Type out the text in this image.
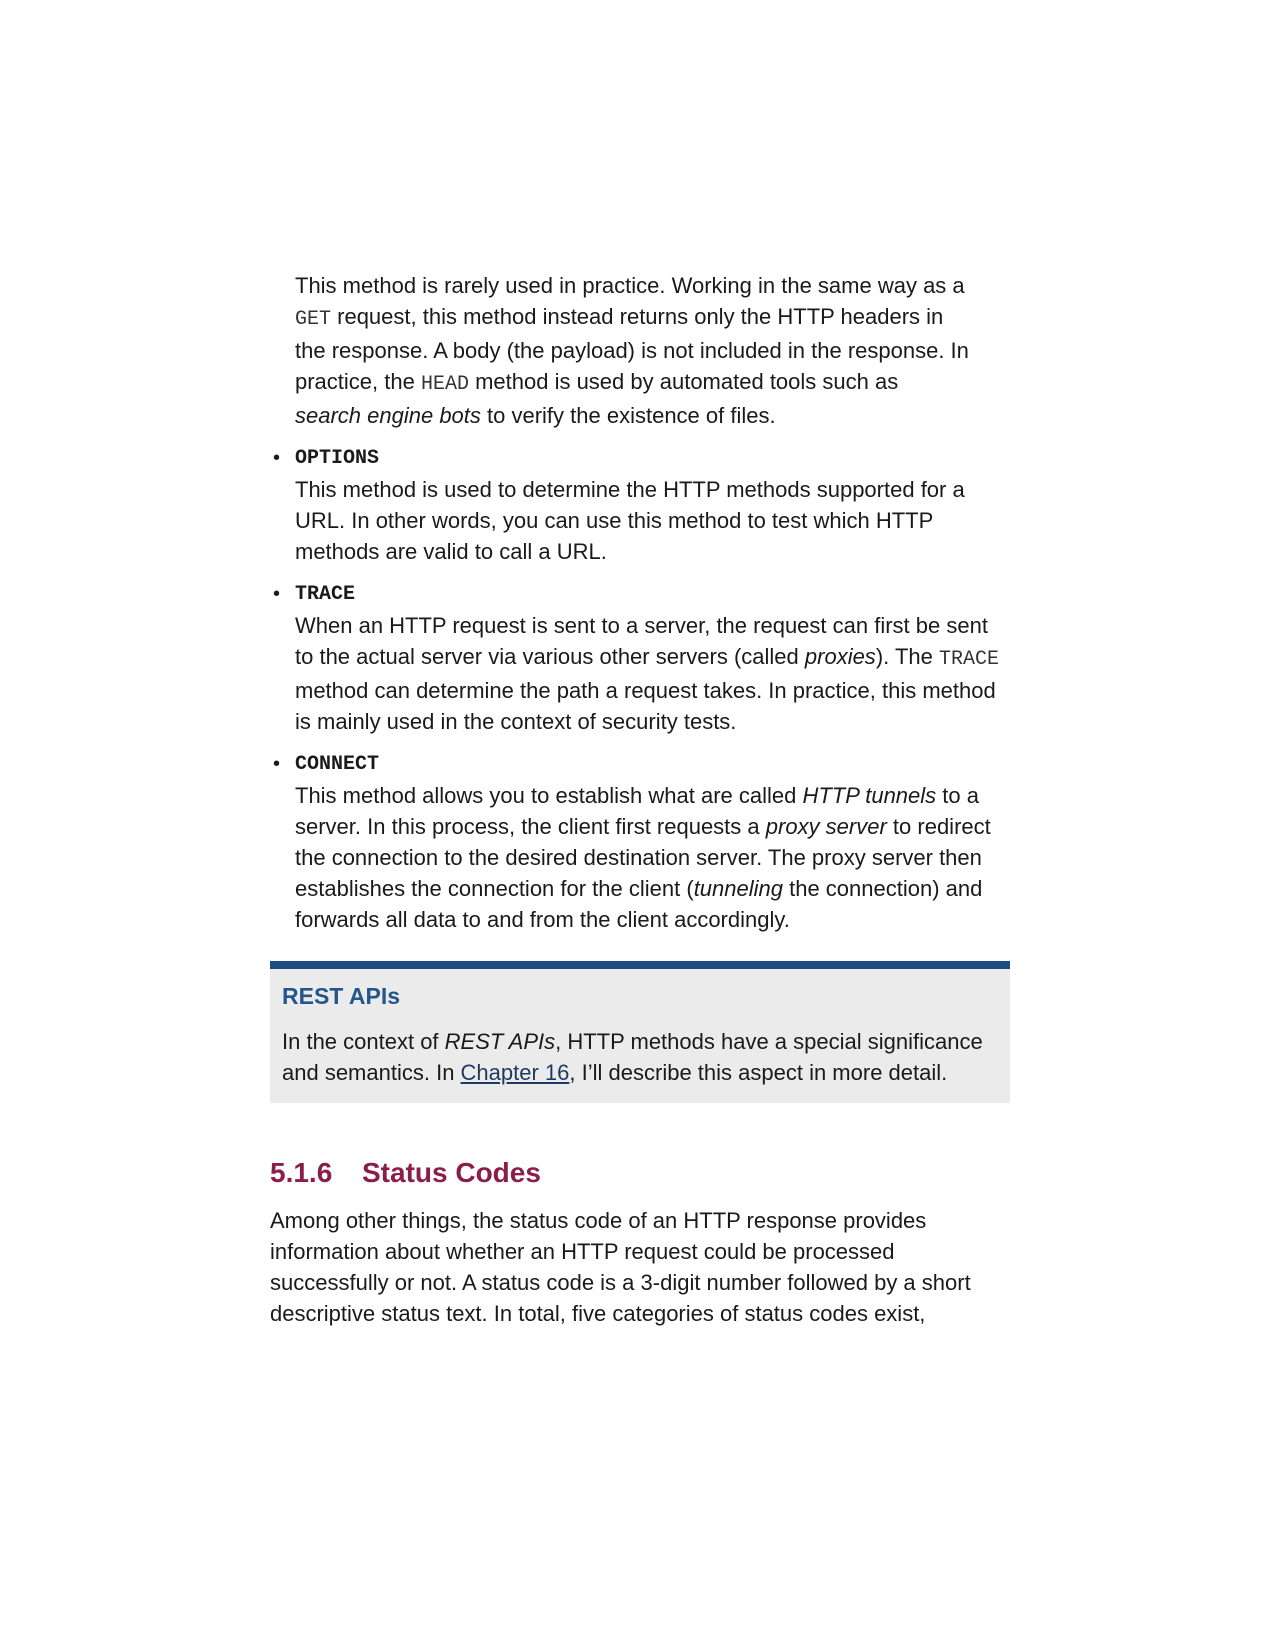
This method is rarely used in practice. Working in the same way as a
GET request, this method instead returns only the HTTP headers in
the response. A body (the payload) is not included in the response. In
practice, the HEAD method is used by automated tools such as
search engine bots to verify the existence of files.
• OPTIONS

This method is used to determine the HTTP methods supported for a URL. In other words, you can use this method to test which HTTP methods are valid to call a URL.

• TRACE

When an HTTP request is sent to a server, the request can first be sent to the actual server via various other servers (called proxies). The TRACE method can determine the path a request takes. In practice, this method is mainly used in the context of security tests.

• CONNECT

This method allows you to establish what are called HTTP tunnels to a server. In this process, the client first requests a proxy server to redirect the connection to the desired destination server. The proxy server then establishes the connection for the client (tunneling the connection) and forwards all data to and from the client accordingly.

REST APIs

In the context of REST APIs, HTTP methods have a special significance and semantics. In Chapter 16, I’ll describe this aspect in more detail.

5.1.6 Status Codes

Among other things, the status code of an HTTP response provides information about whether an HTTP request could be processed successfully or not. A status code is a 3-digit number followed by a short descriptive status text. In total, five categories of status codes exist,
